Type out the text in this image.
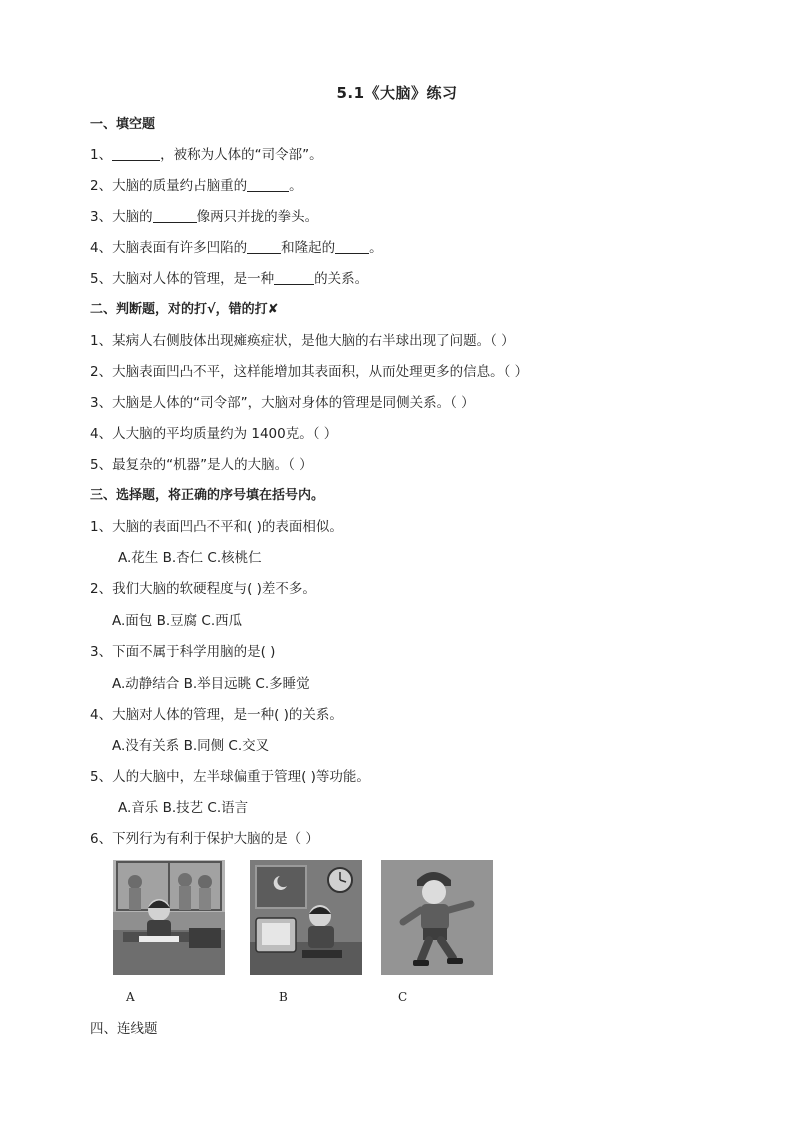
5.1《大脑》练习
一、填空题
1、	，被称为人体的“司令部”。
2、大脑的质量约占脑重的	。
3、大脑的	像两只并拢的拳头。
4、大脑表面有许多凹陷的	和隆起的	。
5、大脑对人体的管理，是一种	的关系。
二、判断题，对的打√，错的打✘
1、某病人右侧肢体出现瘫痪症状，是他大脑的右半球出现了问题。（ ）
2、大脑表面凹凸不平，这样能增加其表面积，从而处理更多的信息。（ ）
3、大脑是人体的“司令部”，大脑对身体的管理是同侧关系。（ ）
4、人大脑的平均质量约为 1400克。（ ）
5、最复杂的“机器”是人的大脑。（ ）
三、选择题，将正确的序号填在括号内。
1、大脑的表面凹凸不平和( )的表面相似。
A.花生 B.杏仁 C.核桃仁
2、我们大脑的软硬程度与( )差不多。
A.面包 B.豆腐 C.西瓜
3、下面不属于科学用脑的是( )
A.动静结合 B.举目远眺 C.多睡觉
4、大脑对人体的管理，是一种( )的关系。
A.没有关系 B.同侧 C.交叉
5、人的大脑中，左半球偏重于管理( )等功能。
A.音乐 B.技艺 C.语言
6、下列行为有利于保护大脑的是（ ）
A	B	C
四、连线题
